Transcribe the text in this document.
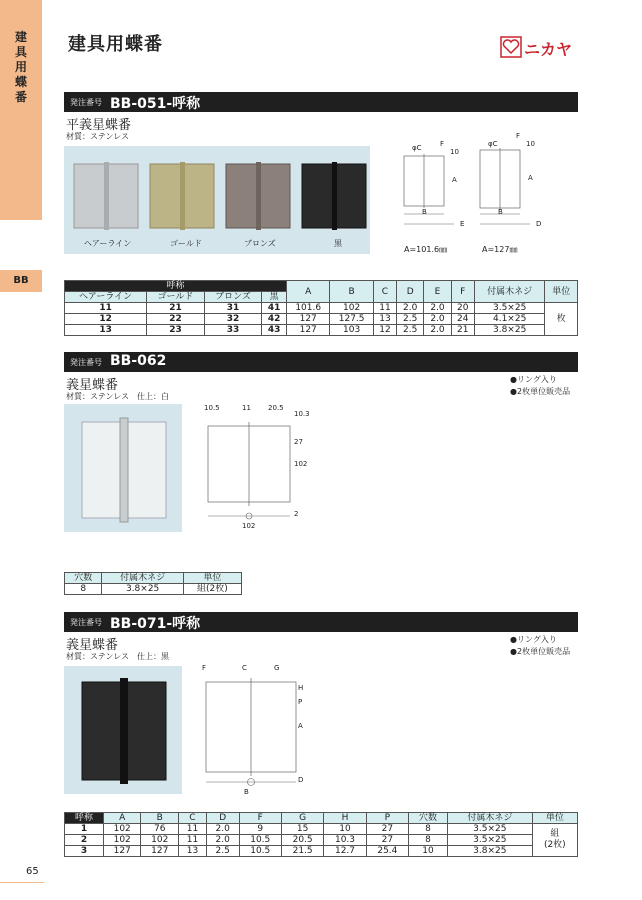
建具用蝶番
BB
65
建具用蝶番	ニカヤ
発注番号 BB-051-呼称
平義星蝶番
材質：ステンレス
ヘアーライン	ゴールド	ブロンズ	黒
φC	F
10
A
B
E
φC
F
10
A
B
D
A=101.6㎜	A=127㎜
呼称				A	B	C	D	E	F	付属木ネジ	単位
ヘアーライン	ゴールド	ブロンズ	黒								
11	21	31	41	101.6	102	11	2.0	2.0	20	3.5×25	枚
12	22	32	42	127	127.5	13	2.5	2.0	24	4.1×25	
13	23	33	43	127	103	12	2.5	2.0	21	3.8×25	
発注番号 BB-062
義星蝶番
材質：ステンレス　仕上：白
●リング入り
●2枚単位販売品
10.5	11 20.5
10.3
27
102
2
102
穴数	付属木ネジ	単位
8	3.8×25	組(2枚)
発注番号 BB-071-呼称
義星蝶番
材質：ステンレス　仕上：黒
●リング入り
●2枚単位販売品
F	C	G
H
P
A
D
B
呼称	A	B	C	D	F	G	H	P	穴数	付属木ネジ	単位
1	102	76	11	2.0	9	15	10	27	8	3.5×25	組
(2枚)
2	102	102	11	2.0	10.5	20.5	10.3	27	8	3.5×25	
3	127	127	13	2.5	10.5	21.5	12.7	25.4	10	3.8×25	
